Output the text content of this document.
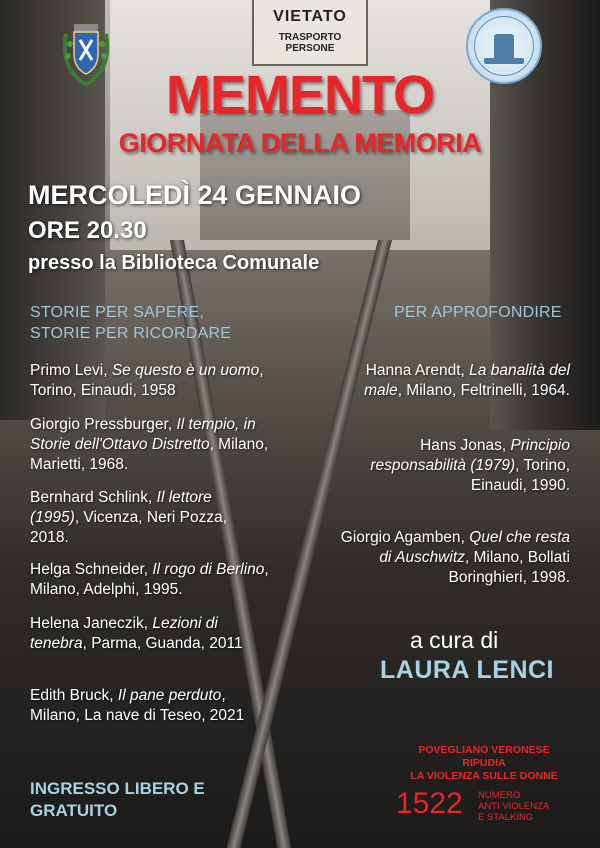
VIETATO
TRASPORTO PERSONE
MEMENTO
GIORNATA DELLA MEMORIA
MERCOLEDÌ 24 GENNAIO
ORE 20.30
presso la Biblioteca Comunale
STORIE PER SAPERE,
STORIE PER RICORDARE
PER APPROFONDIRE
Primo Levi, Se questo è un uomo, Torino, Einaudi, 1958
Giorgio Pressburger, Il tempio, in Storie dell'Ottavo Distretto, Milano, Marietti, 1968.
Bernhard Schlink, Il lettore (1995), Vicenza, Neri Pozza, 2018.
Helga Schneider, Il rogo di Berlino, Milano, Adelphi, 1995.
Helena Janeczik, Lezioni di tenebra, Parma, Guanda, 2011
Edith Bruck, Il pane perduto, Milano, La nave di Teseo, 2021
Hanna Arendt, La banalità del male, Milano, Feltrinelli, 1964.
Hans Jonas, Principio responsabilità (1979), Torino, Einaudi, 1990.
Giorgio Agamben, Quel che resta di Auschwitz, Milano, Bollati Boringhieri, 1998.
a cura di
LAURA LENCI
INGRESSO LIBERO E
GRATUITO
POVEGLIANO VERONESE
RIPUDIA
LA VIOLENZA SULLE DONNE
1522 NUMERO
ANTI VIOLENZA
E STALKING
